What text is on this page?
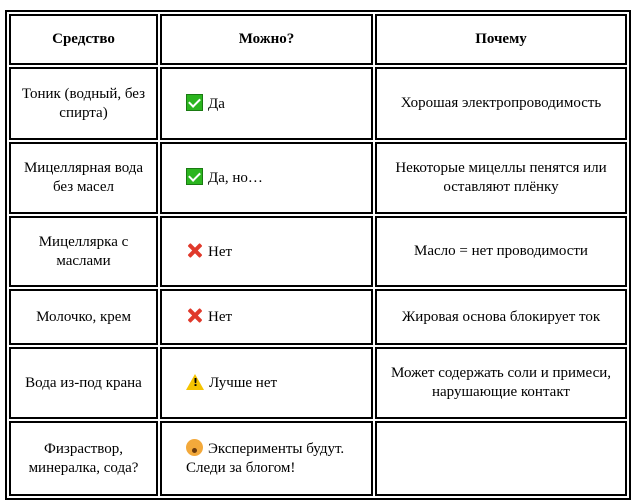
Средство	Можно?	Почему
Тоник (водный, без спирта)	Да	Хорошая электропроводимость
Мицеллярная вода без масел	Да, но…	Некоторые мицеллы пенятся или оставляют плёнку
Мицеллярка с маслами	Нет	Масло = нет проводимости
Молочко, крем	Нет	Жировая основа блокирует ток
Вода из-под крана	! Лучше нет	Может содержать соли и примеси, нарушающие контакт
Физраствор, минералка, сода?	Эксперименты будут. Следи за блогом!	
